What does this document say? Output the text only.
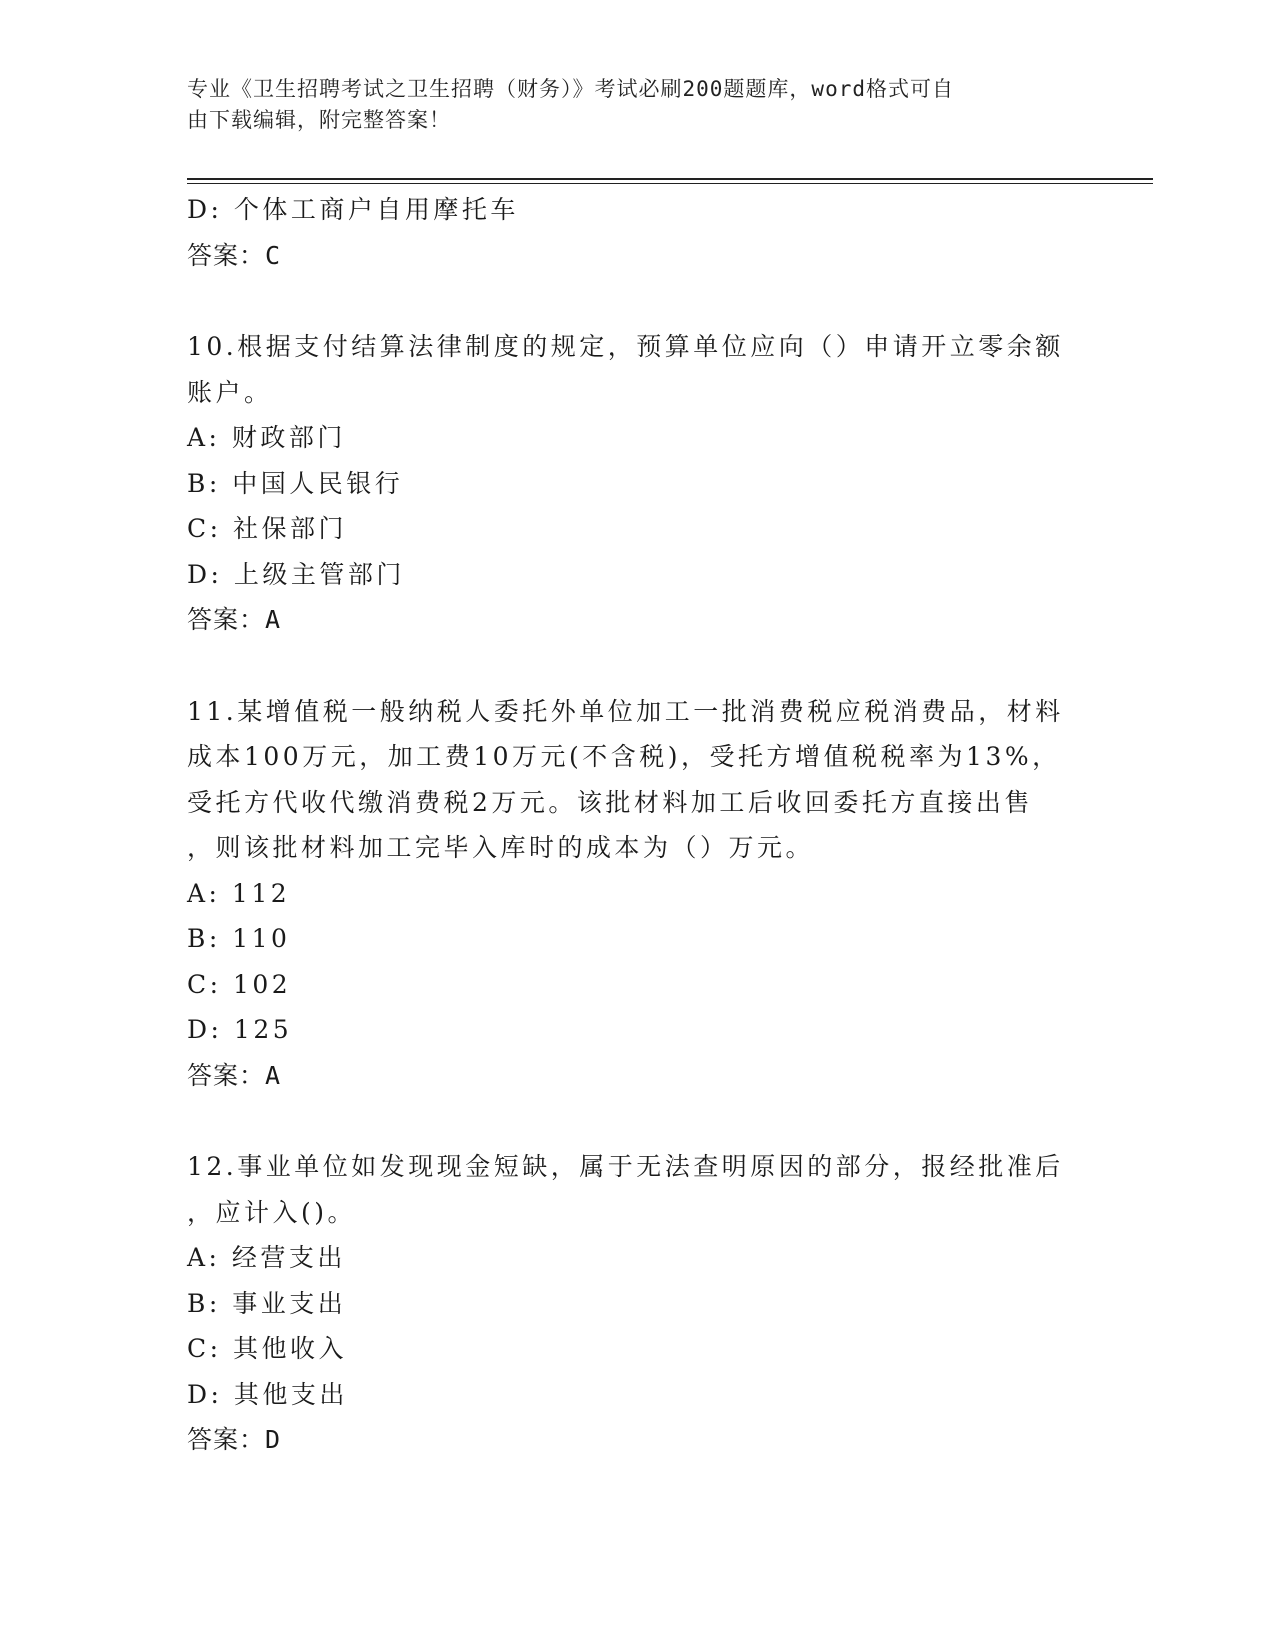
专业《卫生招聘考试之卫生招聘（财务）》考试必刷200题题库，word格式可自
由下载编辑，附完整答案！
D: 个体工商户自用摩托车
答案：C
10.根据支付结算法律制度的规定，预算单位应向（）申请开立零余额
账户。
A: 财政部门
B: 中国人民银行
C: 社保部门
D: 上级主管部门
答案：A
11.某增值税一般纳税人委托外单位加工一批消费税应税消费品，材料
成本100万元，加工费10万元(不含税)，受托方增值税税率为13%，
受托方代收代缴消费税2万元。该批材料加工后收回委托方直接出售
，则该批材料加工完毕入库时的成本为（）万元。
A: 112
B: 110
C: 102
D: 125
答案：A
12.事业单位如发现现金短缺，属于无法查明原因的部分，报经批准后
，应计入()。
A: 经营支出
B: 事业支出
C: 其他收入
D: 其他支出
答案：D
